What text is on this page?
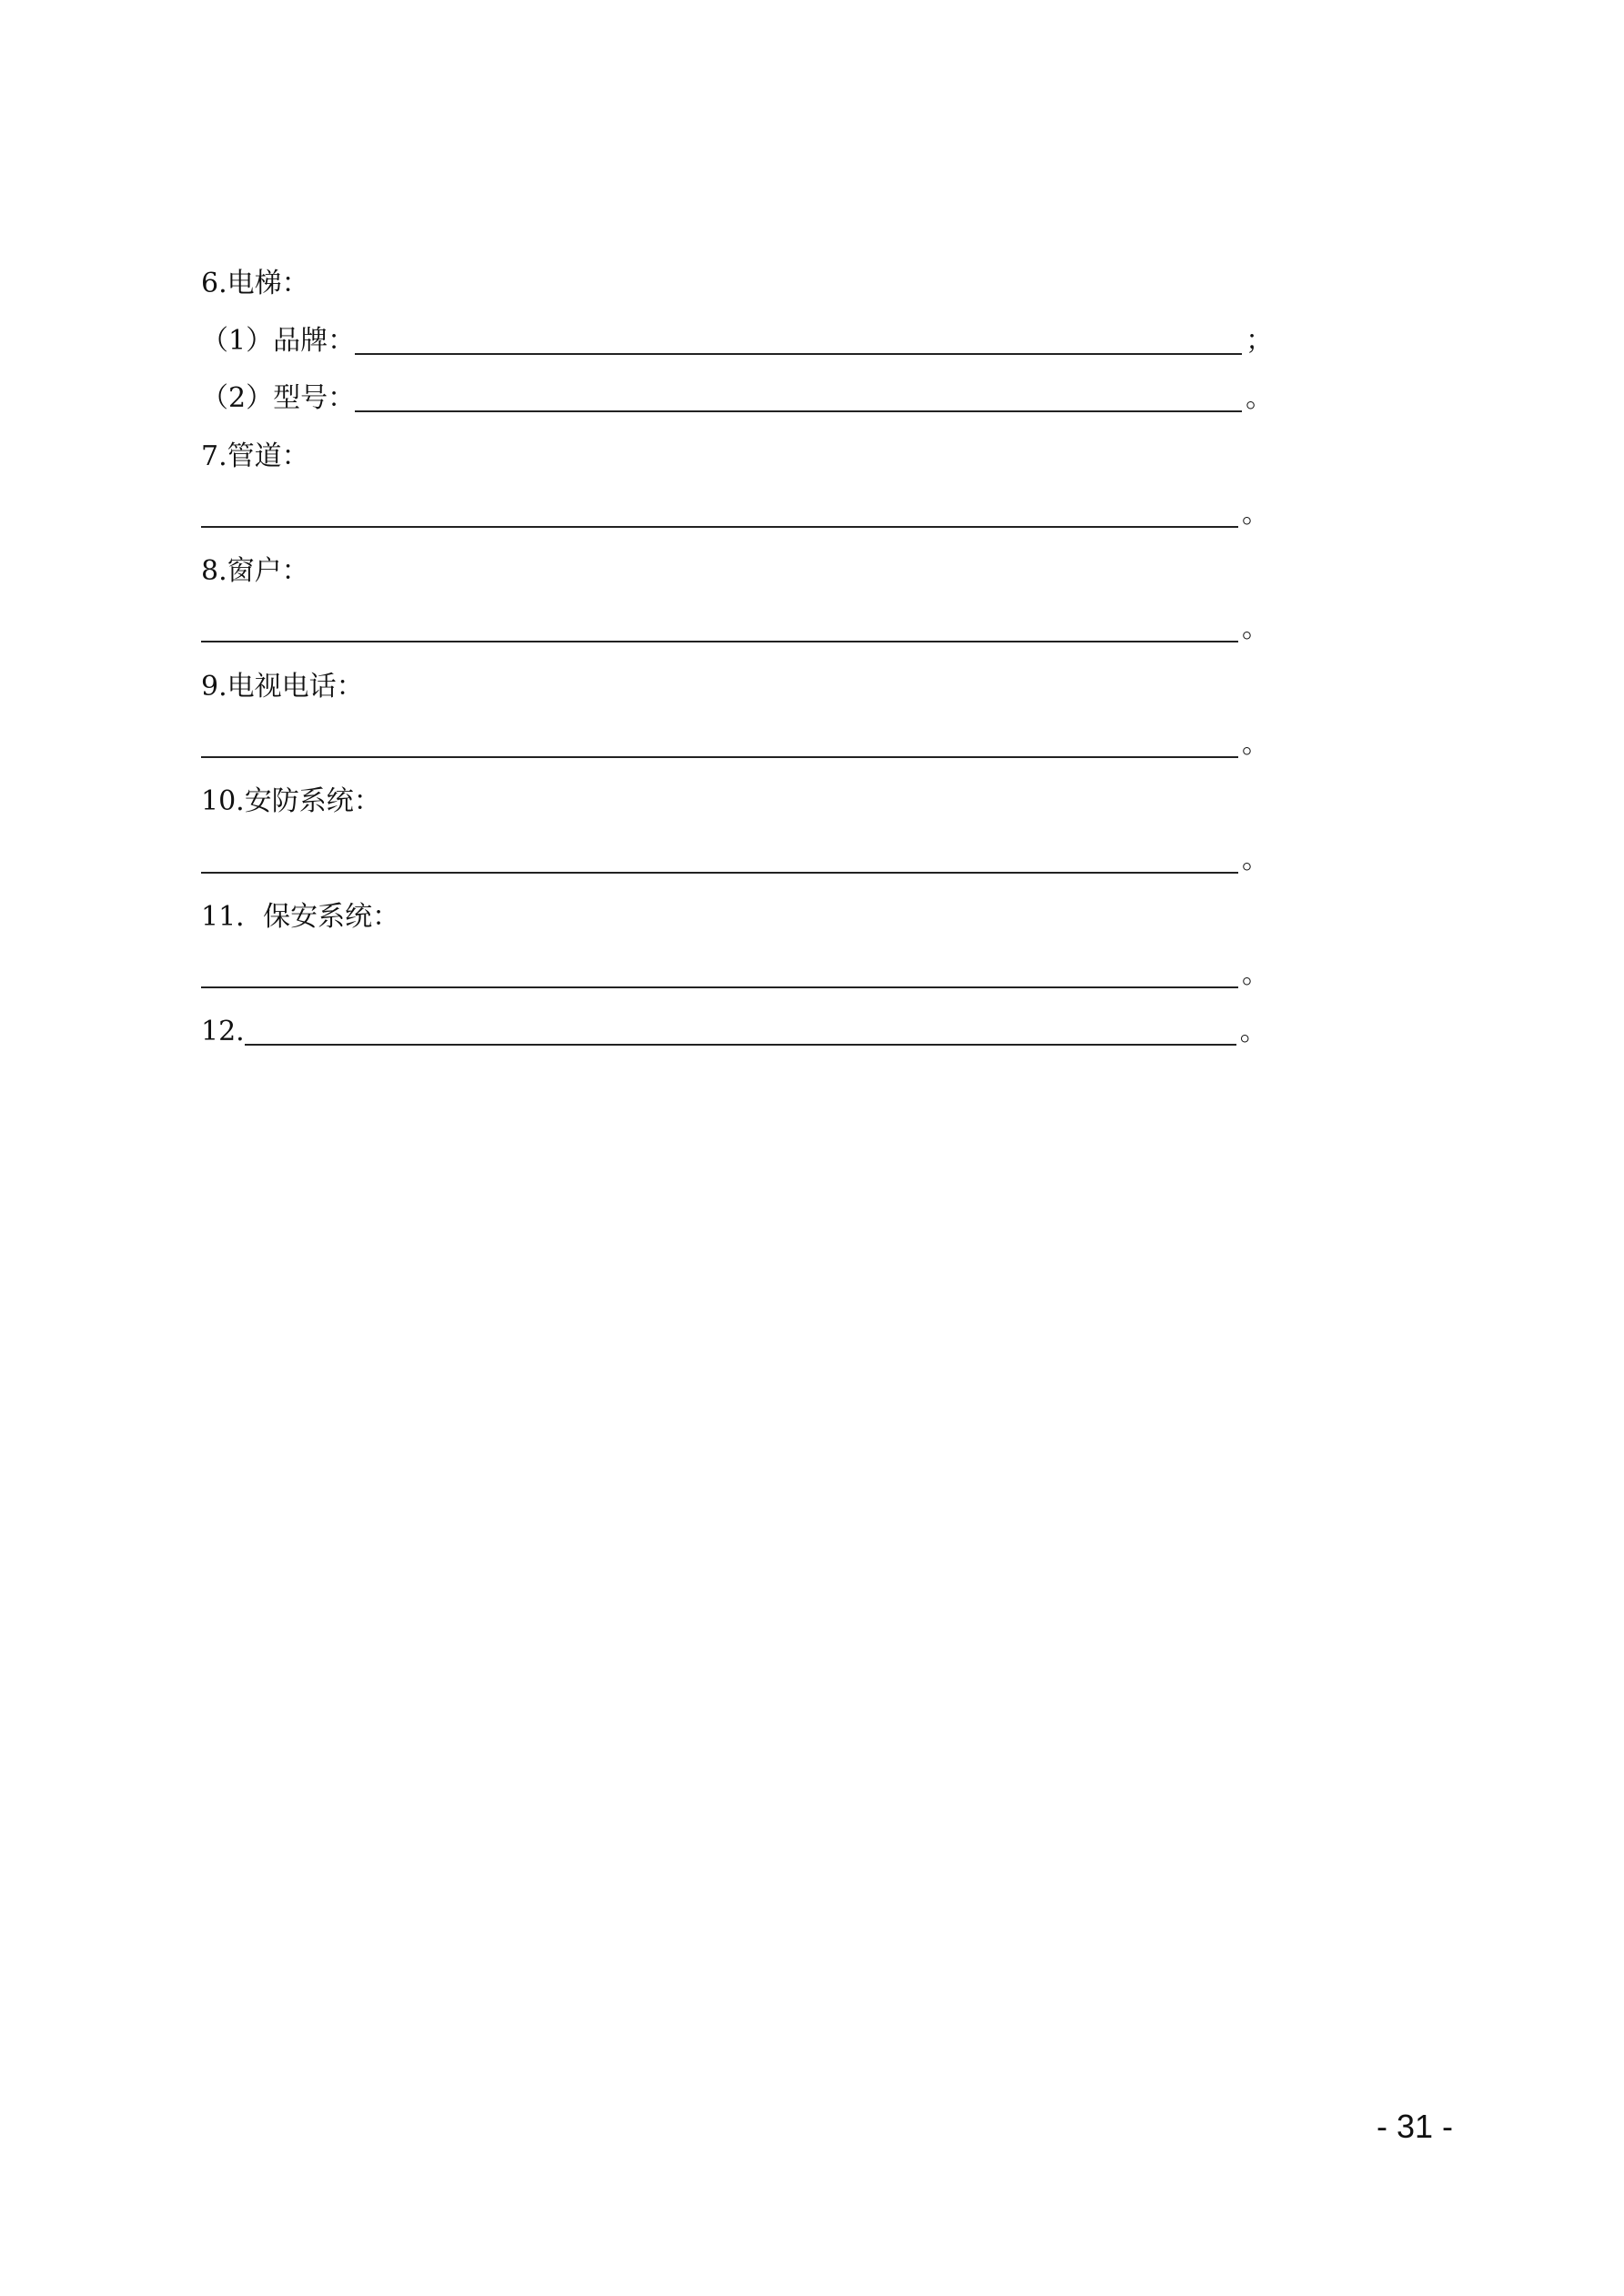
6.电梯：
（1）品牌：	；
（2）型号：	。
7.管道：
。
8.窗户：
。
9.电视电话：
。
10.安防系统：
。
11．保安系统：
。
12.	。
- 31 -
